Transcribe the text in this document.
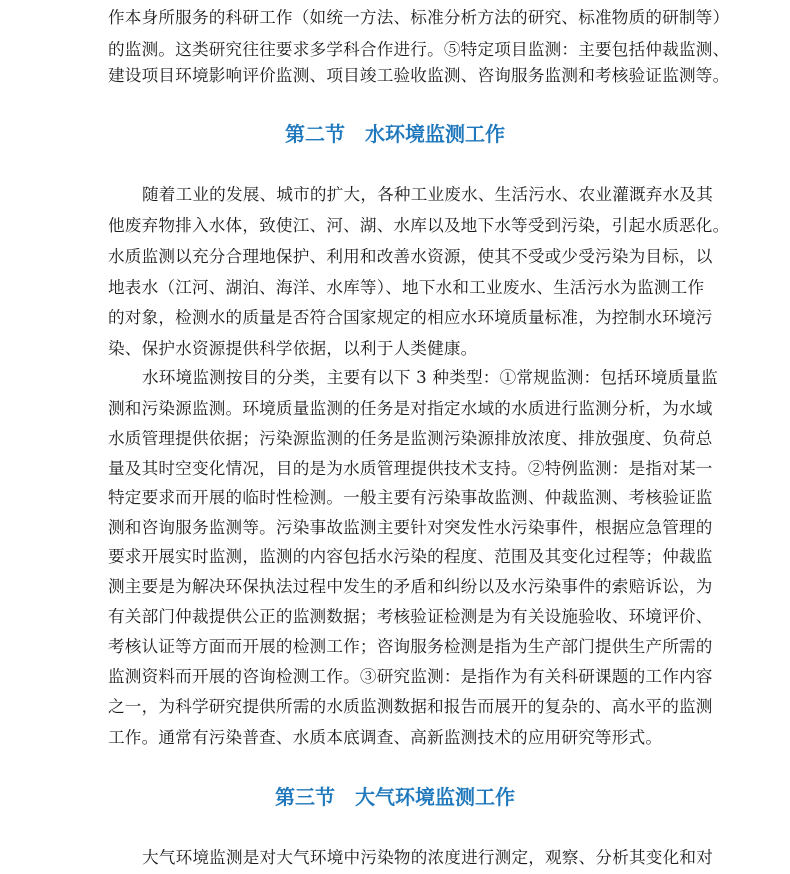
作本身所服务的科研工作（如统一方法、标准分析方法的研究、标准物质的研制等）
的监测。这类研究往往要求多学科合作进行。⑤特定项目监测：主要包括仲裁监测、
建设项目环境影响评价监测、项目竣工验收监测、咨询服务监测和考核验证监测等。
第二节　水环境监测工作
随着工业的发展、城市的扩大，各种工业废水、生活污水、农业灌溉弃水及其
他废弃物排入水体，致使江、河、湖、水库以及地下水等受到污染，引起水质恶化。
水质监测以充分合理地保护、利用和改善水资源，使其不受或少受污染为目标，以
地表水（江河、湖泊、海洋、水库等）、地下水和工业废水、生活污水为监测工作
的对象，检测水的质量是否符合国家规定的相应水环境质量标准，为控制水环境污
染、保护水资源提供科学依据，以利于人类健康。
水环境监测按目的分类，主要有以下 3 种类型：①常规监测：包括环境质量监
测和污染源监测。环境质量监测的任务是对指定水域的水质进行监测分析，为水域
水质管理提供依据；污染源监测的任务是监测污染源排放浓度、排放强度、负荷总
量及其时空变化情况，目的是为水质管理提供技术支持。②特例监测：是指对某一
特定要求而开展的临时性检测。一般主要有污染事故监测、仲裁监测、考核验证监
测和咨询服务监测等。污染事故监测主要针对突发性水污染事件，根据应急管理的
要求开展实时监测，监测的内容包括水污染的程度、范围及其变化过程等；仲裁监
测主要是为解决环保执法过程中发生的矛盾和纠纷以及水污染事件的索赔诉讼，为
有关部门仲裁提供公正的监测数据；考核验证检测是为有关设施验收、环境评价、
考核认证等方面而开展的检测工作；咨询服务检测是指为生产部门提供生产所需的
监测资料而开展的咨询检测工作。③研究监测：是指作为有关科研课题的工作内容
之一，为科学研究提供所需的水质监测数据和报告而展开的复杂的、高水平的监测
工作。通常有污染普查、水质本底调查、高新监测技术的应用研究等形式。
第三节　大气环境监测工作
大气环境监测是对大气环境中污染物的浓度进行测定，观察、分析其变化和对
